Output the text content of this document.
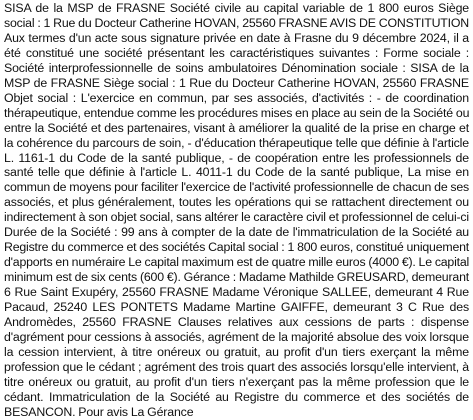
SISA de la MSP de FRASNE Société civile au capital variable de 1 800 euros Siège
social : 1 Rue du Docteur Catherine HOVAN, 25560 FRASNE AVIS DE CONSTITUTION
Aux termes d'un acte sous signature privée en date à Frasne du 9 décembre 2024, il a
été constitué une société présentant les caractéristiques suivantes : Forme sociale :
Société interprofessionnelle de soins ambulatoires Dénomination sociale : SISA de la
MSP de FRASNE Siège social : 1 Rue du Docteur Catherine HOVAN, 25560 FRASNE
Objet social : L'exercice en commun, par ses associés, d'activités : - de coordination
thérapeutique, entendue comme les procédures mises en place au sein de la Société ou
entre la Société et des partenaires, visant à améliorer la qualité de la prise en charge et
la cohérence du parcours de soin, - d'éducation thérapeutique telle que définie à l'article
L. 1161-1 du Code de la santé publique, - de coopération entre les professionnels de
santé telle que définie à l'article L. 4011-1 du Code de la santé publique, La mise en
commun de moyens pour faciliter l'exercice de l'activité professionnelle de chacun de ses
associés, et plus généralement, toutes les opérations qui se rattachent directement ou
indirectement à son objet social, sans altérer le caractère civil et professionnel de celui-ci
Durée de la Société : 99 ans à compter de la date de l'immatriculation de la Société au
Registre du commerce et des sociétés Capital social : 1 800 euros, constitué uniquement
d'apports en numéraire Le capital maximum est de quatre mille euros (4000 €). Le capital
minimum est de six cents (600 €). Gérance : Madame Mathilde GREUSARD, demeurant
6 Rue Saint Exupéry, 25560 FRASNE Madame Véronique SALLEE, demeurant 4 Rue
Pacaud, 25240 LES PONTETS Madame Martine GAIFFE, demeurant 3 C Rue des
Andromèdes, 25560 FRASNE Clauses relatives aux cessions de parts : dispense
d'agrément pour cessions à associés, agrément de la majorité absolue des voix lorsque
la cession intervient, à titre onéreux ou gratuit, au profit d'un tiers exerçant la même
profession que le cédant ; agrément des trois quart des associés lorsqu'elle intervient, à
titre onéreux ou gratuit, au profit d'un tiers n'exerçant pas la même profession que le
cédant. Immatriculation de la Société au Registre du commerce et des sociétés de
BESANCON. Pour avis La Gérance
